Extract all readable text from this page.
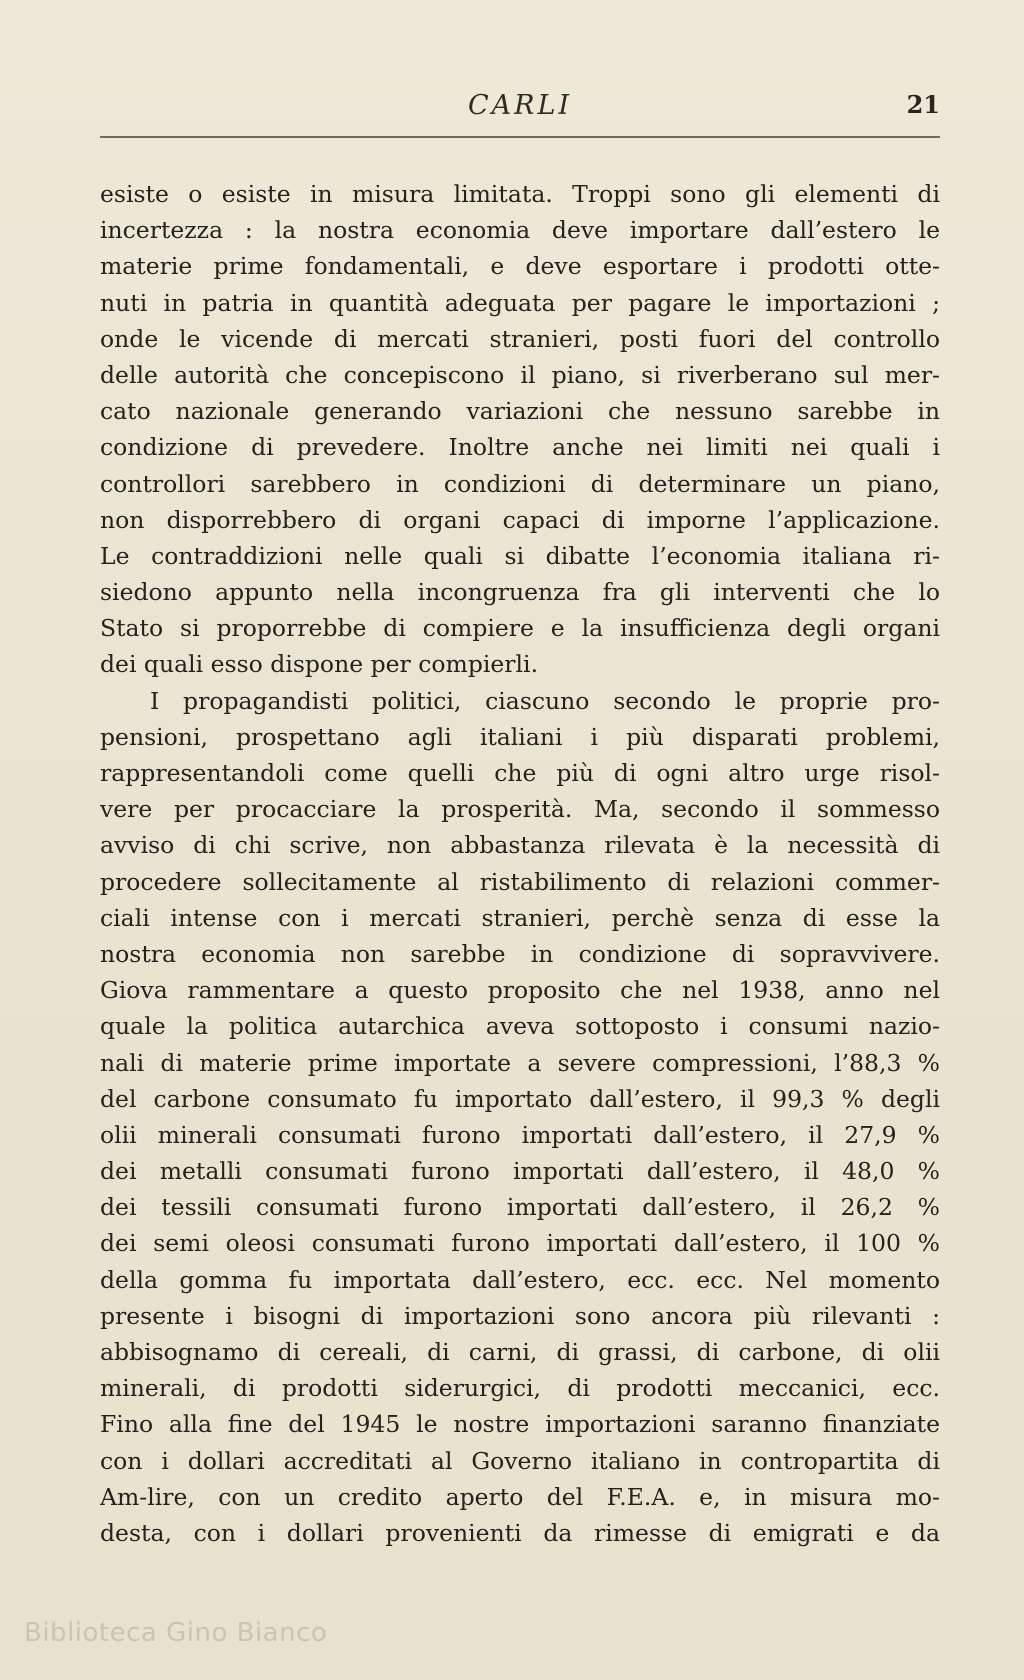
CARLI	21
esiste o esiste in misura limitata. Troppi sono gli elementi di
incertezza : la nostra economia deve importare dall’estero le
materie prime fondamentali, e deve esportare i prodotti otte-
nuti in patria in quantità adeguata per pagare le importazioni ;
onde le vicende di mercati stranieri, posti fuori del controllo
delle autorità che concepiscono il piano, si riverberano sul mer-
cato nazionale generando variazioni che nessuno sarebbe in
condizione di prevedere. Inoltre anche nei limiti nei quali i
controllori sarebbero in condizioni di determinare un piano,
non disporrebbero di organi capaci di imporne l’applicazione.
Le contraddizioni nelle quali si dibatte l’economia italiana ri-
siedono appunto nella incongruenza fra gli interventi che lo
Stato si proporrebbe di compiere e la insufficienza degli organi
dei quali esso dispone per compierli.
I propagandisti politici, ciascuno secondo le proprie pro-
pensioni, prospettano agli italiani i più disparati problemi,
rappresentandoli come quelli che più di ogni altro urge risol-
vere per procacciare la prosperità. Ma, secondo il sommesso
avviso di chi scrive, non abbastanza rilevata è la necessità di
procedere sollecitamente al ristabilimento di relazioni commer-
ciali intense con i mercati stranieri, perchè senza di esse la
nostra economia non sarebbe in condizione di sopravvivere.
Giova rammentare a questo proposito che nel 1938, anno nel
quale la politica autarchica aveva sottoposto i consumi nazio-
nali di materie prime importate a severe compressioni, l’88,3 %
del carbone consumato fu importato dall’estero, il 99,3 % degli
olii minerali consumati furono importati dall’estero, il 27,9 %
dei metalli consumati furono importati dall’estero, il 48,0 %
dei tessili consumati furono importati dall’estero, il 26,2 %
dei semi oleosi consumati furono importati dall’estero, il 100 %
della gomma fu importata dall’estero, ecc. ecc. Nel momento
presente i bisogni di importazioni sono ancora più rilevanti :
abbisognamo di cereali, di carni, di grassi, di carbone, di olii
minerali, di prodotti siderurgici, di prodotti meccanici, ecc.
Fino alla fine del 1945 le nostre importazioni saranno finanziate
con i dollari accreditati al Governo italiano in contropartita di
Am-lire, con un credito aperto del F.E.A. e, in misura mo-
desta, con i dollari provenienti da rimesse di emigrati e da
Biblioteca Gino Bianco
